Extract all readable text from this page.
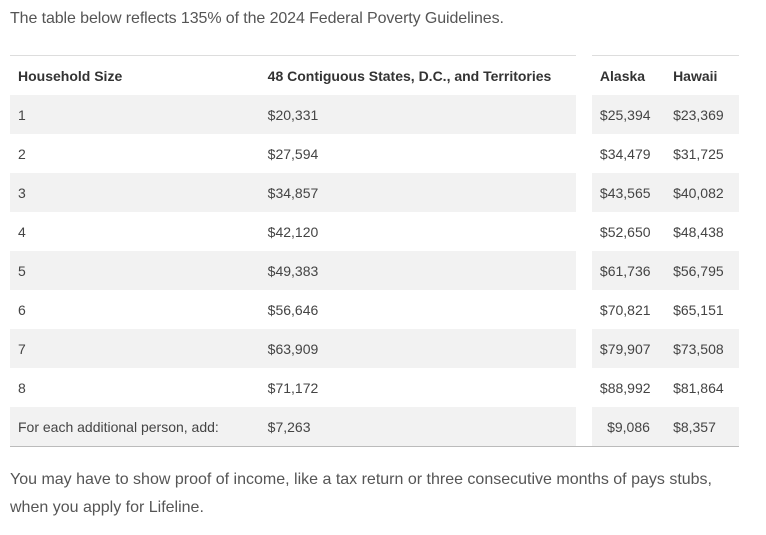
The table below reflects 135% of the 2024 Federal Poverty Guidelines.

Household Size	48 Contiguous States, D.C., and Territories		Alaska	Hawaii
1	$20,331		$25,394	$23,369
2	$27,594		$34,479	$31,725
3	$34,857		$43,565	$40,082
4	$42,120		$52,650	$48,438
5	$49,383		$61,736	$56,795
6	$56,646		$70,821	$65,151
7	$63,909		$79,907	$73,508
8	$71,172		$88,992	$81,864
For each additional person, add:	$7,263		$9,086	$8,357

You may have to show proof of income, like a tax return or three consecutive months of pays stubs, when you apply for Lifeline.
